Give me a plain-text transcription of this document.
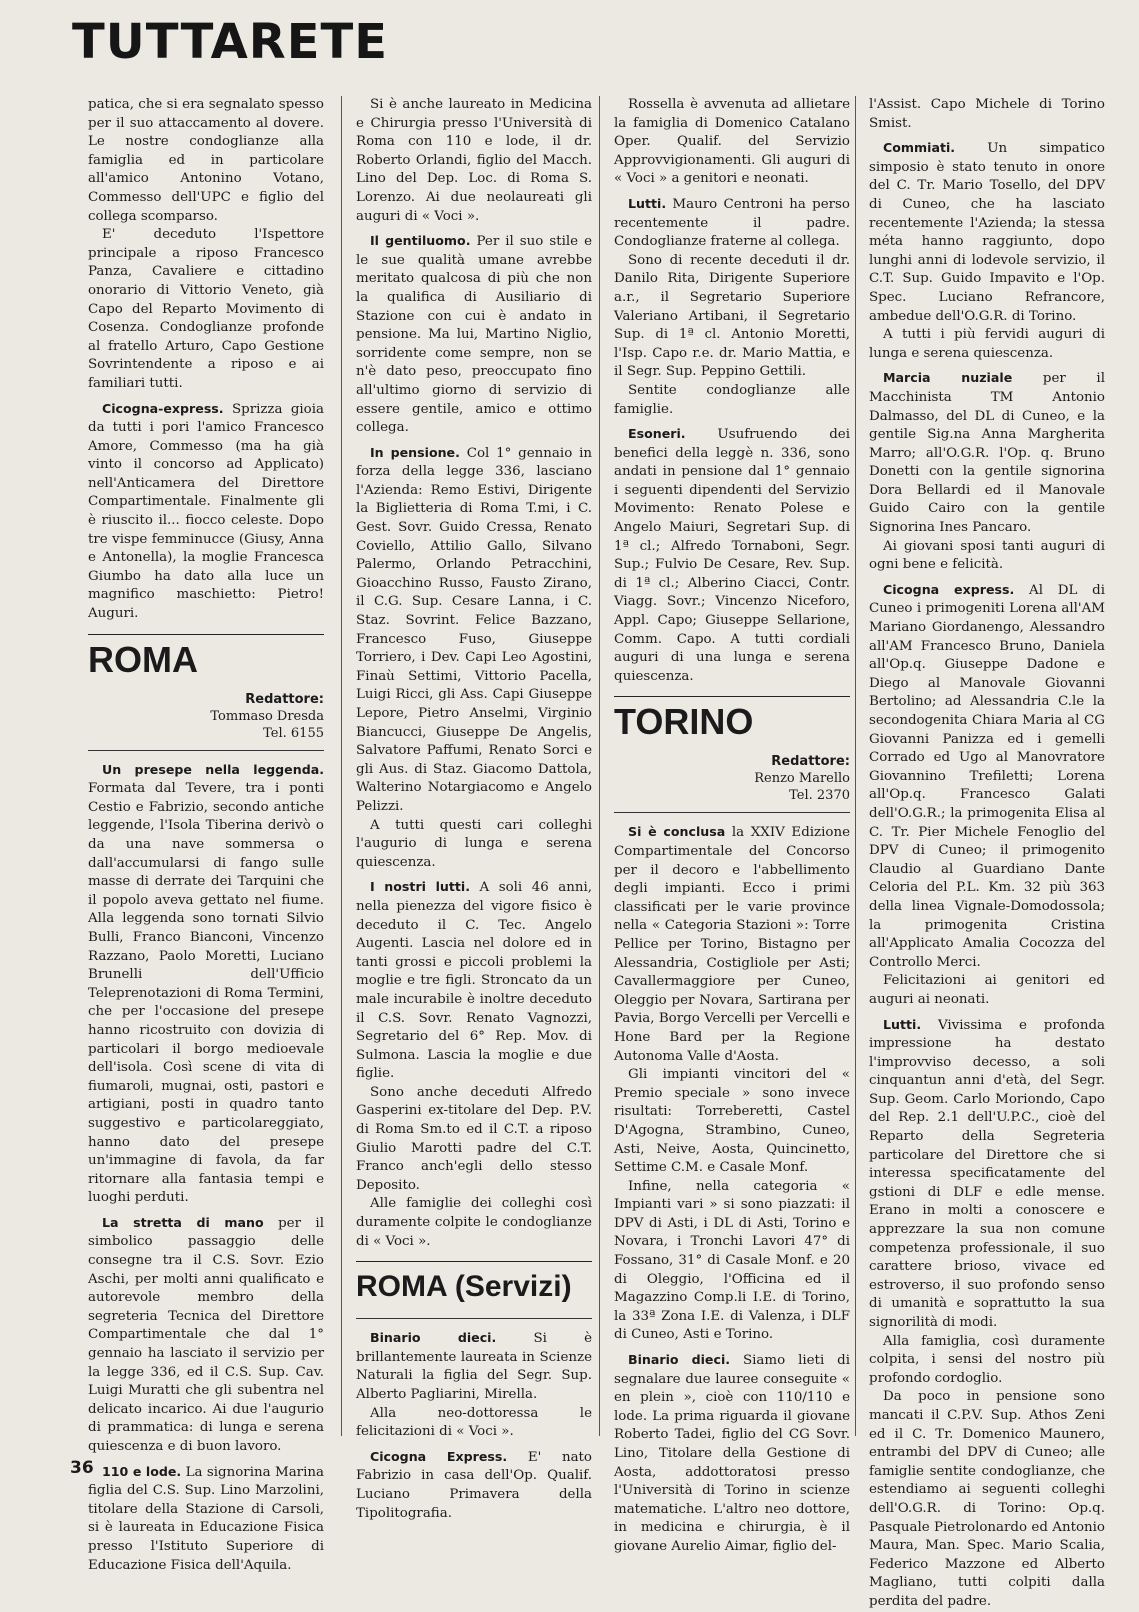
TUTTARETE

patica, che si era segnalato spesso per il suo attaccamento al dovere. Le nostre condoglianze alla famiglia ed in particolare all'amico Antonino Votano, Commesso dell'UPC e figlio del collega scomparso.

E' deceduto l'Ispettore principale a riposo Francesco Panza, Cavaliere e cittadino onorario di Vittorio Veneto, già Capo del Reparto Movimento di Cosenza. Condoglianze profonde al fratello Arturo, Capo Gestione Sovrintendente a riposo e ai familiari tutti.

Cicogna-express. Sprizza gioia da tutti i pori l'amico Francesco Amore, Commesso (ma ha già vinto il concorso ad Applicato) nell'Anticamera del Direttore Compartimentale. Finalmente gli è riuscito il... fiocco celeste. Dopo tre vispe femminucce (Giusy, Anna e Antonella), la moglie Francesca Giumbo ha dato alla luce un magnifico maschietto: Pietro! Auguri.

ROMA
Redattore:
Tommaso Dresda
Tel. 6155

Un presepe nella leggenda. Formata dal Tevere, tra i ponti Cestio e Fabrizio, secondo antiche leggende, l'Isola Tiberina derivò o da una nave sommersa o dall'accumularsi di fango sulle masse di derrate dei Tarquini che il popolo aveva gettato nel fiume. Alla leggenda sono tornati Silvio Bulli, Franco Bianconi, Vincenzo Razzano, Paolo Moretti, Luciano Brunelli dell'Ufficio Teleprenotazioni di Roma Termini, che per l'occasione del presepe hanno ricostruito con dovizia di particolari il borgo medioevale dell'isola. Così scene di vita di fiumaroli, mugnai, osti, pastori e artigiani, posti in quadro tanto suggestivo e particolareggiato, hanno dato del presepe un'immagine di favola, da far ritornare alla fantasia tempi e luoghi perduti.

La stretta di mano per il simbolico passaggio delle consegne tra il C.S. Sovr. Ezio Aschi, per molti anni qualificato e autorevole membro della segreteria Tecnica del Direttore Compartimentale che dal 1° gennaio ha lasciato il servizio per la legge 336, ed il C.S. Sup. Cav. Luigi Muratti che gli subentra nel delicato incarico. Ai due l'augurio di prammatica: di lunga e serena quiescenza e di buon lavoro.

110 e lode. La signorina Marina figlia del C.S. Sup. Lino Marzolini, titolare della Stazione di Carsoli, si è laureata in Educazione Fisica presso l'Istituto Superiore di Educazione Fisica dell'Aquila.

Si è anche laureato in Medicina e Chirurgia presso l'Università di Roma con 110 e lode, il dr. Roberto Orlandi, figlio del Macch. Lino del Dep. Loc. di Roma S. Lorenzo. Ai due neolaureati gli auguri di « Voci ».

Il gentiluomo. Per il suo stile e le sue qualità umane avrebbe meritato qualcosa di più che non la qualifica di Ausiliario di Stazione con cui è andato in pensione. Ma lui, Martino Niglio, sorridente come sempre, non se n'è dato peso, preoccupato fino all'ultimo giorno di servizio di essere gentile, amico e ottimo collega.

In pensione. Col 1° gennaio in forza della legge 336, lasciano l'Azienda: Remo Estivi, Dirigente la Biglietteria di Roma T.mi, i C. Gest. Sovr. Guido Cressa, Renato Coviello, Attilio Gallo, Silvano Palermo, Orlando Petracchini, Gioacchino Russo, Fausto Zirano, il C.G. Sup. Cesare Lanna, i C. Staz. Sovrint. Felice Bazzano, Francesco Fuso, Giuseppe Torriero, i Dev. Capi Leo Agostini, Finaù Settimi, Vittorio Pacella, Luigi Ricci, gli Ass. Capi Giuseppe Lepore, Pietro Anselmi, Virginio Biancucci, Giuseppe De Angelis, Salvatore Paffumi, Renato Sorci e gli Aus. di Staz. Giacomo Dattola, Walterino Notargiacomo e Angelo Pelizzi.

A tutti questi cari colleghi l'augurio di lunga e serena quiescenza.

I nostri lutti. A soli 46 anni, nella pienezza del vigore fisico è deceduto il C. Tec. Angelo Augenti. Lascia nel dolore ed in tanti grossi e piccoli problemi la moglie e tre figli. Stroncato da un male incurabile è inoltre deceduto il C.S. Sovr. Renato Vagnozzi, Segretario del 6° Rep. Mov. di Sulmona. Lascia la moglie e due figlie.

Sono anche deceduti Alfredo Gasperini ex-titolare del Dep. P.V. di Roma Sm.to ed il C.T. a riposo Giulio Marotti padre del C.T. Franco anch'egli dello stesso Deposito.

Alle famiglie dei colleghi così duramente colpite le condoglianze di « Voci ».

ROMA (Servizi)

Binario dieci. Si è brillantemente laureata in Scienze Naturali la figlia del Segr. Sup. Alberto Pagliarini, Mirella.

Alla neo-dottoressa le felicitazioni di « Voci ».

Cicogna Express. E' nato Fabrizio in casa dell'Op. Qualif. Luciano Primavera della Tipolitografia.

Rossella è avvenuta ad allietare la famiglia di Domenico Catalano Oper. Qualif. del Servizio Approvvigionamenti. Gli auguri di « Voci » a genitori e neonati.

Lutti. Mauro Centroni ha perso recentemente il padre. Condoglianze fraterne al collega.

Sono di recente deceduti il dr. Danilo Rita, Dirigente Superiore a.r., il Segretario Superiore Valeriano Artibani, il Segretario Sup. di 1ª cl. Antonio Moretti, l'Isp. Capo r.e. dr. Mario Mattia, e il Segr. Sup. Peppino Gettili.

Sentite condoglianze alle famiglie.

Esoneri. Usufruendo dei benefici della leggè n. 336, sono andati in pensione dal 1° gennaio i seguenti dipendenti del Servizio Movimento: Renato Polese e Angelo Maiuri, Segretari Sup. di 1ª cl.; Alfredo Tornaboni, Segr. Sup.; Fulvio De Cesare, Rev. Sup. di 1ª cl.; Alberino Ciacci, Contr. Viagg. Sovr.; Vincenzo Niceforo, Appl. Capo; Giuseppe Sellarione, Comm. Capo. A tutti cordiali auguri di una lunga e serena quiescenza.

TORINO
Redattore:
Renzo Marello
Tel. 2370

Si è conclusa la XXIV Edizione Compartimentale del Concorso per il decoro e l'abbellimento degli impianti. Ecco i primi classificati per le varie province nella « Categoria Stazioni »: Torre Pellice per Torino, Bistagno per Alessandria, Costigliole per Asti; Cavallermaggiore per Cuneo, Oleggio per Novara, Sartirana per Pavia, Borgo Vercelli per Vercelli e Hone Bard per la Regione Autonoma Valle d'Aosta.

Gli impianti vincitori del « Premio speciale » sono invece risultati: Torreberetti, Castel D'Agogna, Strambino, Cuneo, Asti, Neive, Aosta, Quincinetto, Settime C.M. e Casale Monf.

Infine, nella categoria « Impianti vari » si sono piazzati: il DPV di Asti, i DL di Asti, Torino e Novara, i Tronchi Lavori 47° di Fossano, 31° di Casale Monf. e 20 di Oleggio, l'Officina ed il Magazzino Comp.li I.E. di Torino, la 33ª Zona I.E. di Valenza, i DLF di Cuneo, Asti e Torino.

Binario dieci. Siamo lieti di segnalare due lauree conseguite « en plein », cioè con 110/110 e lode. La prima riguarda il giovane Roberto Tadei, figlio del CG Sovr. Lino, Titolare della Gestione di Aosta, addottoratosi presso l'Università di Torino in scienze matematiche. L'altro neo dottore, in medicina e chirurgia, è il giovane Aurelio Aimar, figlio del-

l'Assist. Capo Michele di Torino Smist.

Commiati. Un simpatico simposio è stato tenuto in onore del C. Tr. Mario Tosello, del DPV di Cuneo, che ha lasciato recentemente l'Azienda; la stessa méta hanno raggiunto, dopo lunghi anni di lodevole servizio, il C.T. Sup. Guido Impavito e l'Op. Spec. Luciano Refrancore, ambedue dell'O.G.R. di Torino.

A tutti i più fervidi auguri di lunga e serena quiescenza.

Marcia nuziale per il Macchinista TM Antonio Dalmasso, del DL di Cuneo, e la gentile Sig.na Anna Margherita Marro; all'O.G.R. l'Op. q. Bruno Donetti con la gentile signorina Dora Bellardi ed il Manovale Guido Cairo con la gentile Signorina Ines Pancaro.

Ai giovani sposi tanti auguri di ogni bene e felicità.

Cicogna express. Al DL di Cuneo i primogeniti Lorena all'AM Mariano Giordanengo, Alessandro all'AM Francesco Bruno, Daniela all'Op.q. Giuseppe Dadone e Diego al Manovale Giovanni Bertolino; ad Alessandria C.le la secondogenita Chiara Maria al CG Giovanni Panizza ed i gemelli Corrado ed Ugo al Manovratore Giovannino Trefiletti; Lorena all'Op.q. Francesco Galati dell'O.G.R.; la primogenita Elisa al C. Tr. Pier Michele Fenoglio del DPV di Cuneo; il primogenito Claudio al Guardiano Dante Celoria del P.L. Km. 32 più 363 della linea Vignale-Domodossola; la primogenita Cristina all'Applicato Amalia Cocozza del Controllo Merci.

Felicitazioni ai genitori ed auguri ai neonati.

Lutti. Vivissima e profonda impressione ha destato l'improvviso decesso, a soli cinquantun anni d'età, del Segr. Sup. Geom. Carlo Moriondo, Capo del Rep. 2.1 dell'U.P.C., cioè del Reparto della Segreteria particolare del Direttore che si interessa specificatamente del gstioni di DLF e edle mense. Erano in molti a conoscere e apprezzare la sua non comune competenza professionale, il suo carattere brioso, vivace ed estroverso, il suo profondo senso di umanità e soprattutto la sua signorilità di modi.

Alla famiglia, così duramente colpita, i sensi del nostro più profondo cordoglio.

Da poco in pensione sono mancati il C.P.V. Sup. Athos Zeni ed il C. Tr. Domenico Maunero, entrambi del DPV di Cuneo; alle famiglie sentite condoglianze, che estendiamo ai seguenti colleghi dell'O.G.R. di Torino: Op.q. Pasquale Pietrolonardo ed Antonio Maura, Man. Spec. Mario Scalia, Federico Mazzone ed Alberto Magliano, tutti colpiti dalla perdita del padre.

36
